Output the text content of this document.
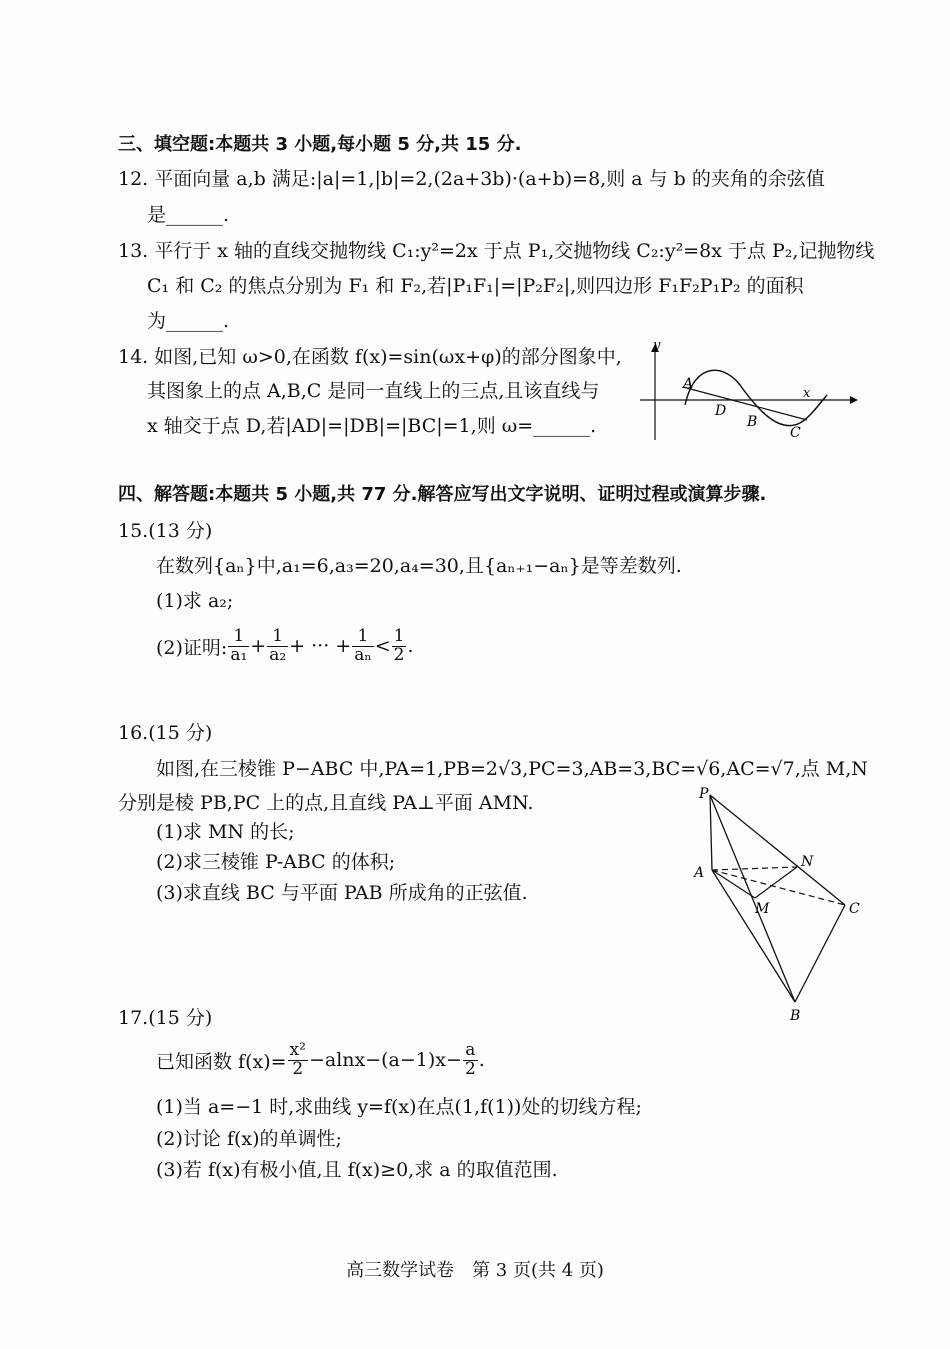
三、填空题:本题共 3 小题,每小题 5 分,共 15 分.
12. 平面向量 a,b 满足:|a|=1,|b|=2,(2a+3b)·(a+b)=8,则 a 与 b 的夹角的余弦值
是______.
13. 平行于 x 轴的直线交抛物线 C₁:y²=2x 于点 P₁,交抛物线 C₂:y²=8x 于点 P₂,记抛物线
C₁ 和 C₂ 的焦点分别为 F₁ 和 F₂,若|P₁F₁|=|P₂F₂|,则四边形 F₁F₂P₁P₂ 的面积
为______.
14. 如图,已知 ω>0,在函数 f(x)=sin(ωx+φ)的部分图象中,
其图象上的点 A,B,C 是同一直线上的三点,且该直线与
x 轴交于点 D,若|AD|=|DB|=|BC|=1,则 ω=______.
x
y
A
D
B
C
四、解答题:本题共 5 小题,共 77 分.解答应写出文字说明、证明过程或演算步骤.
15.(13 分)
在数列{aₙ}中,a₁=6,a₃=20,a₄=30,且{aₙ₊₁−aₙ}是等差数列.
(1)求 a₂;
(2)证明: $\frac{1}{\text{a₁}} + \frac{1}{\text{a₂}}$ + ··· + $\frac{1}{\text{aₙ}} < \frac{1}{2}$ .
16.(15 分)
如图,在三棱锥 P−ABC 中,PA=1,PB=2√3,PC=3,AB=3,BC=√6,AC=√7,点 M,N
分别是棱 PB,PC 上的点,且直线 PA⊥平面 AMN.
(1)求 MN 的长;
(2)求三棱锥 P-ABC 的体积;
(3)求直线 BC 与平面 PAB 所成角的正弦值.
P
A
N
M	C
B
17.(15 分)
已知函数 $f(x)= \frac{\text{x²}}{2} -alnx-(a-1)x- \frac{a}{2}$ .
(1)当 a=−1 时,求曲线 y=f(x)在点(1,f(1))处的切线方程;
(2)讨论 f(x)的单调性;
(3)若 f(x)有极小值,且 f(x)≥0,求 a 的取值范围.
高三数学试卷　第 3 页(共 4 页)
